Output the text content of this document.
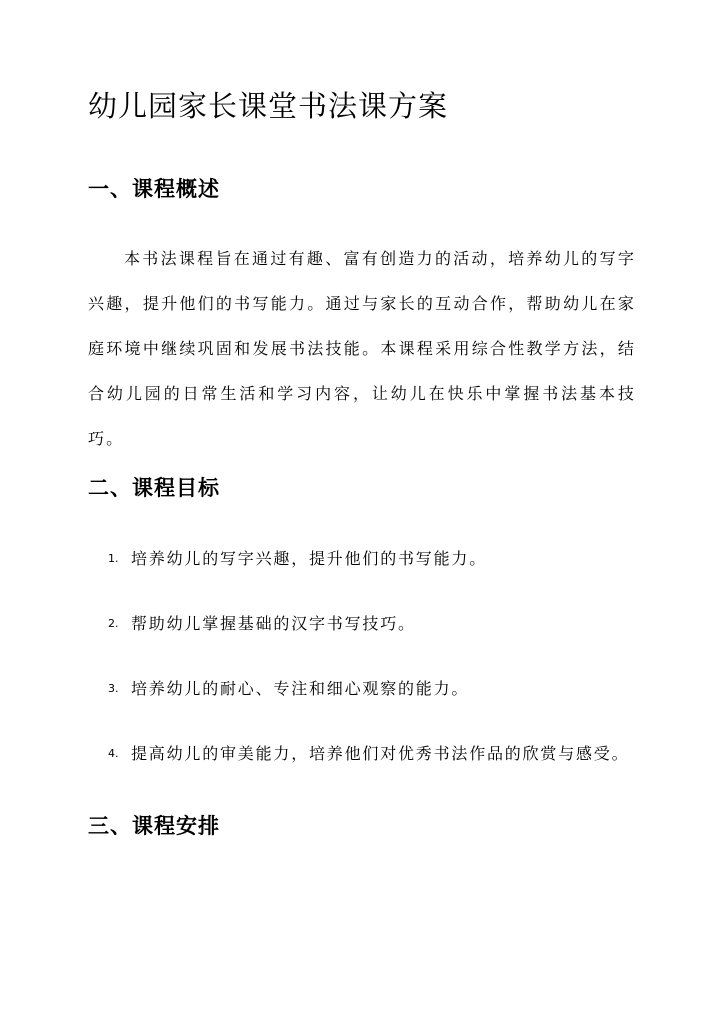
幼儿园家长课堂书法课方案
一、课程概述

本书法课程旨在通过有趣、富有创造力的活动，培养幼儿的写字兴趣，提升他们的书写能力。通过与家长的互动合作，帮助幼儿在家庭环境中继续巩固和发展书法技能。本课程采用综合性教学方法，结合幼儿园的日常生活和学习内容，让幼儿在快乐中掌握书法基本技巧。

二、课程目标
1. 培养幼儿的写字兴趣，提升他们的书写能力。
2. 帮助幼儿掌握基础的汉字书写技巧。
3. 培养幼儿的耐心、专注和细心观察的能力。
4. 提高幼儿的审美能力，培养他们对优秀书法作品的欣赏与感受。
三、课程安排
